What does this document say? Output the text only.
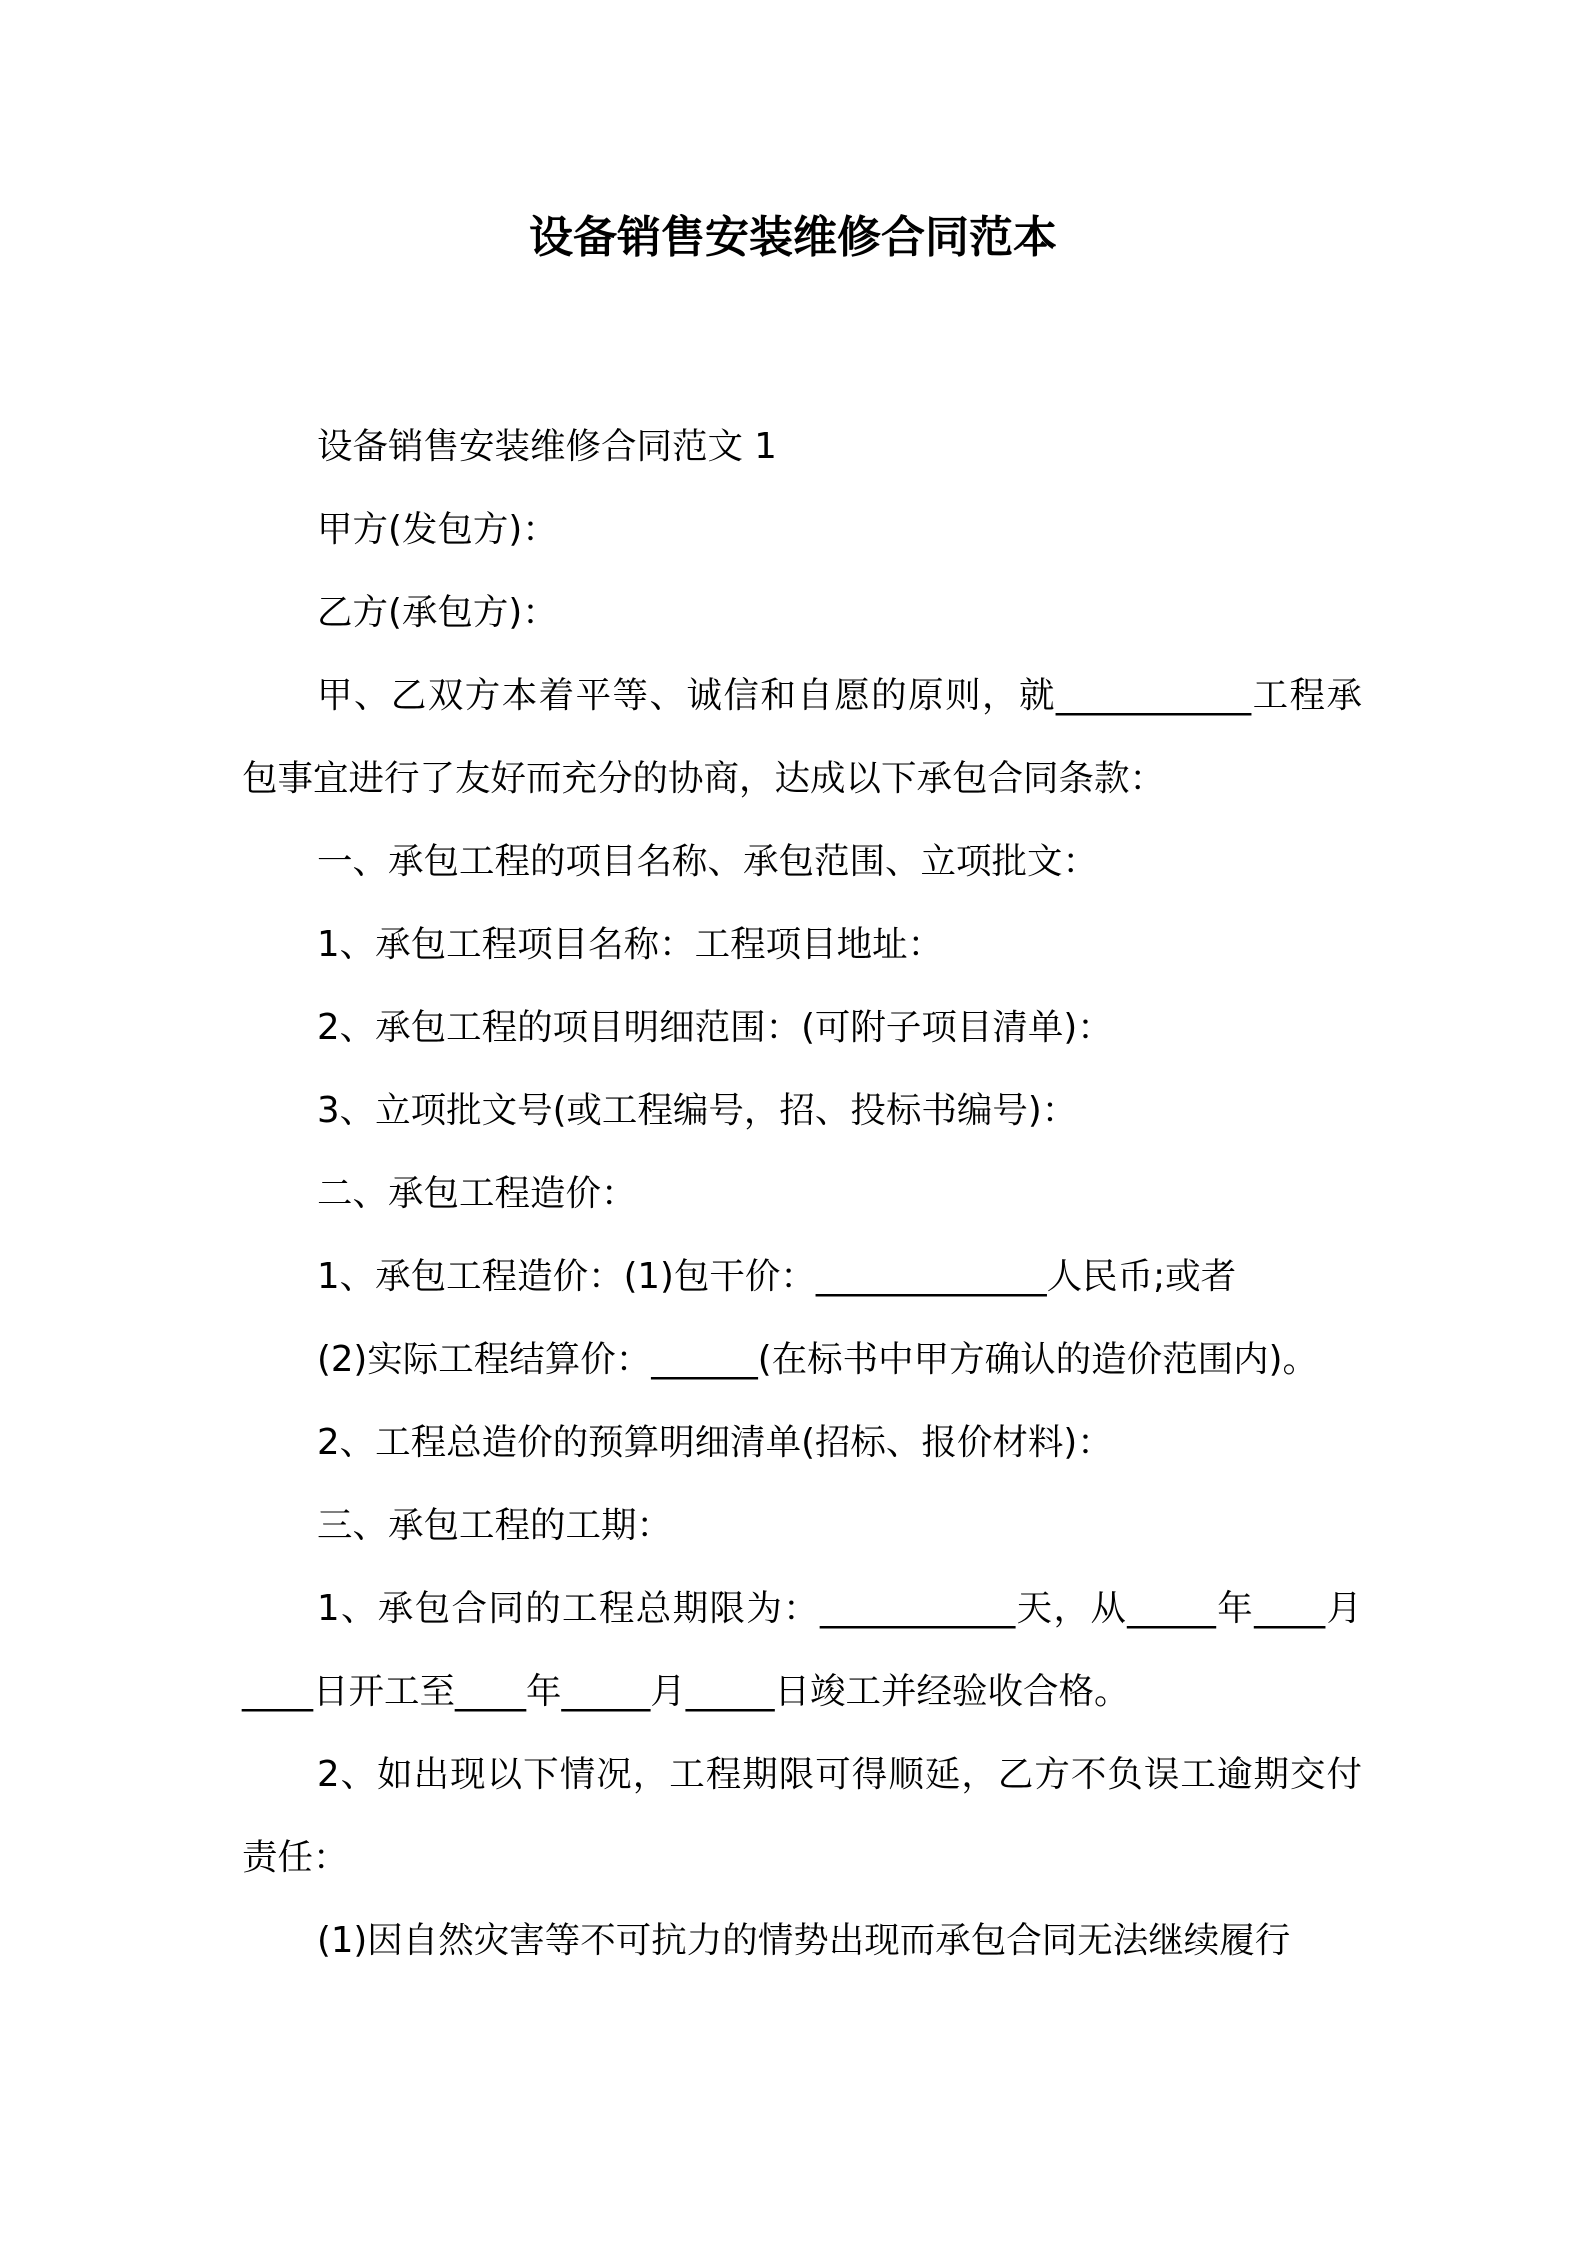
设备销售安装维修合同范本

设备销售安装维修合同范文 1

甲方(发包方)：

乙方(承包方)：

甲、乙双方本着平等、诚信和自愿的原则，就___________工程承包事宜进行了友好而充分的协商，达成以下承包合同条款：

一、承包工程的项目名称、承包范围、立项批文：

1、承包工程项目名称：工程项目地址：

2、承包工程的项目明细范围：(可附子项目清单)：

3、立项批文号(或工程编号，招、投标书编号)：

二、承包工程造价：

1、承包工程造价：(1)包干价：_____________人民币;或者

(2)实际工程结算价：______(在标书中甲方确认的造价范围内)。

2、工程总造价的预算明细清单(招标、报价材料)：

三、承包工程的工期：

1、承包合同的工程总期限为：___________天，从_____年____月____日开工至____年_____月_____日竣工并经验收合格。

2、如出现以下情况，工程期限可得顺延，乙方不负误工逾期交付责任：

(1)因自然灾害等不可抗力的情势出现而承包合同无法继续履行
